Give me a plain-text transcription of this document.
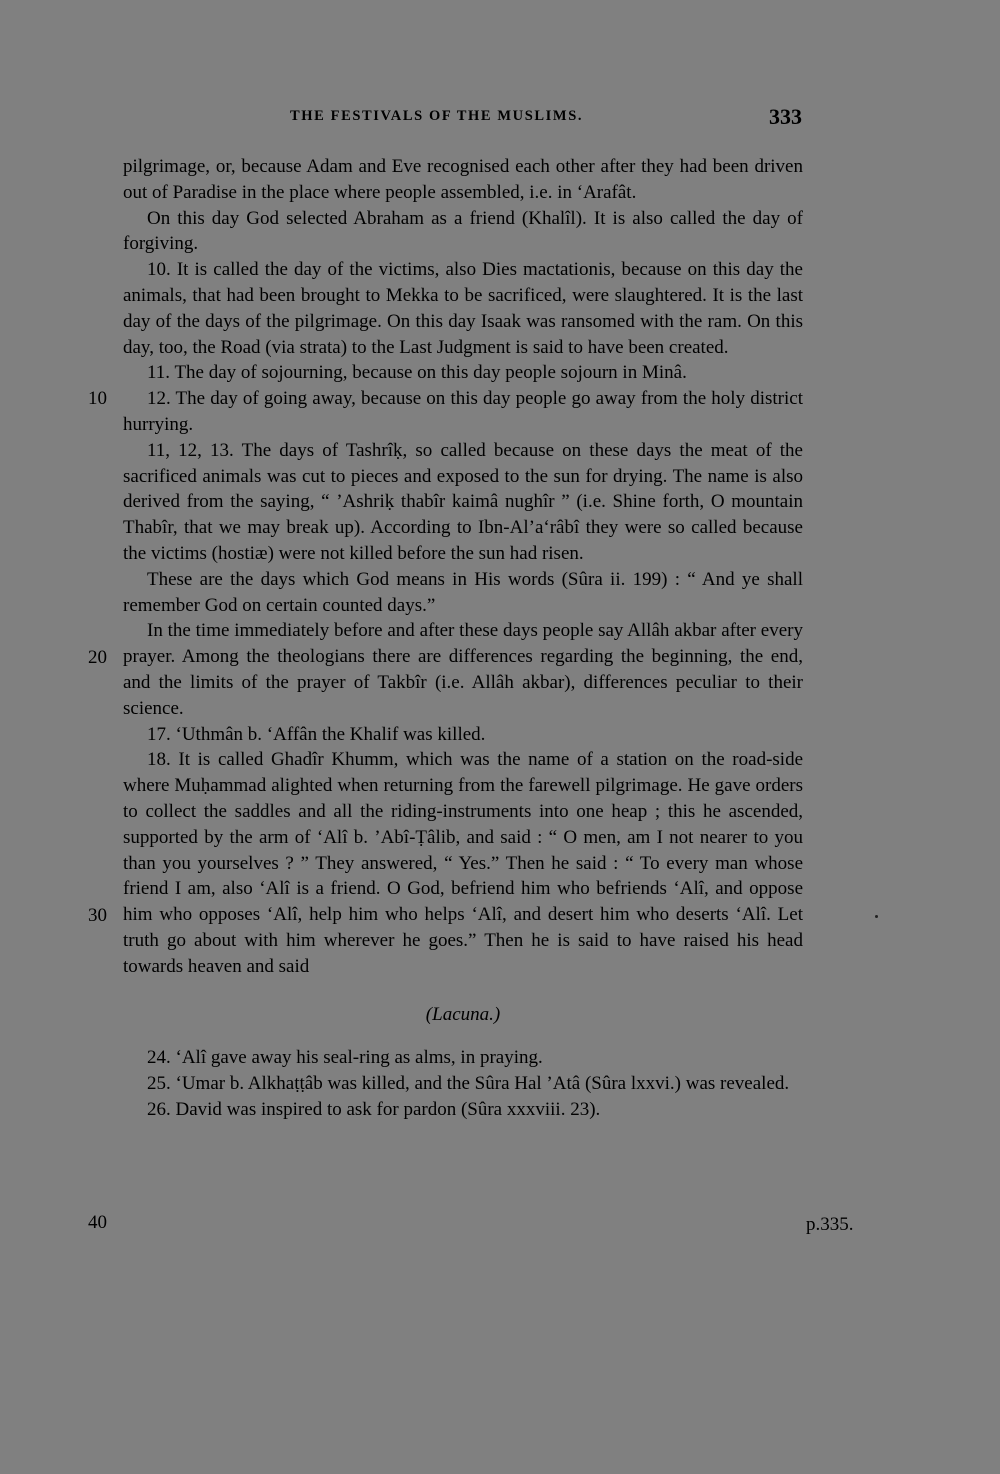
THE FESTIVALS OF THE MUSLIMS.	333

pilgrimage, or, because Adam and Eve recognised each other after they had been driven out of Paradise in the place where people assembled, i.e. in ‘Arafât.

On this day God selected Abraham as a friend (Khalîl). It is also called the day of forgiving.

10. It is called the day of the victims, also Dies mactationis, because on this day the animals, that had been brought to Mekka to be sacrificed, were slaughtered. It is the last day of the days of the pilgrimage. On this day Isaak was ransomed with the ram. On this day, too, the Road (via strata) to the Last Judgment is said to have been created.

11. The day of sojourning, because on this day people sojourn in Minâ.

12. The day of going away, because on this day people go away from the holy district hurrying.

11, 12, 13. The days of Tashrîḳ, so called because on these days the meat of the sacrificed animals was cut to pieces and exposed to the sun for drying. The name is also derived from the saying, “ ’Ashriḳ thabîr kaimâ nughîr ” (i.e. Shine forth, O mountain Thabîr, that we may break up). According to Ibn-Al’a‘râbî they were so called because the victims (hostiæ) were not killed before the sun had risen.

These are the days which God means in His words (Sûra ii. 199) : “ And ye shall remember God on certain counted days.”

In the time immediately before and after these days people say Allâh akbar after every prayer. Among the theologians there are differences regarding the beginning, the end, and the limits of the prayer of Takbîr (i.e. Allâh akbar), differences peculiar to their science.

17. ‘Uthmân b. ‘Affân the Khalif was killed.

18. It is called Ghadîr Khumm, which was the name of a station on the road-side where Muḥammad alighted when returning from the farewell pilgrimage. He gave orders to collect the saddles and all the riding-instruments into one heap ; this he ascended, supported by the arm of ‘Alî b. ’Abî-Ṭâlib, and said : “ O men, am I not nearer to you than you yourselves ? ” They answered, “ Yes.” Then he said : “ To every man whose friend I am, also ‘Alî is a friend. O God, befriend him who befriends ‘Alî, and oppose him who opposes ‘Alî, help him who helps ‘Alî, and desert him who deserts ‘Alî. Let truth go about with him wherever he goes.” Then he is said to have raised his head towards heaven and said

(Lacuna.)

24. ‘Alî gave away his seal-ring as alms, in praying.

25. ‘Umar b. Alkhaṭṭâb was killed, and the Sûra Hal ’Atâ (Sûra lxxvi.) was revealed.

26. David was inspired to ask for pardon (Sûra xxxviii. 23).

10
20
30
40	p.335.
